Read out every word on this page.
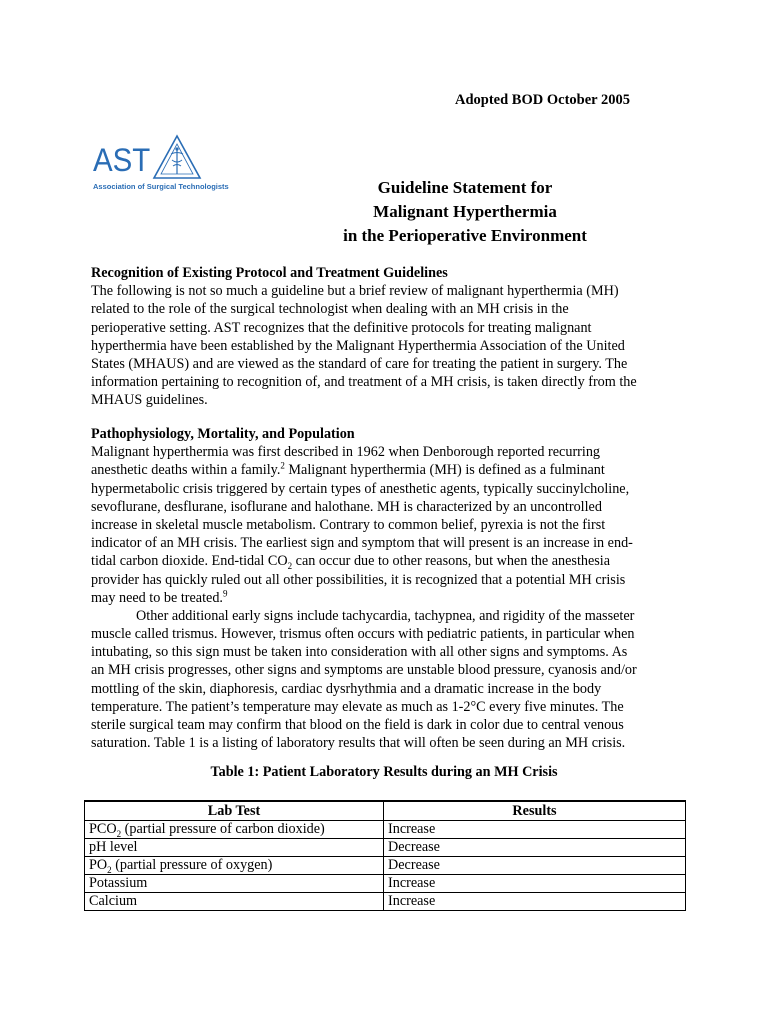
Adopted BOD October 2005
AST
Association of Surgical Technologists	Guideline Statement for
Malignant Hyperthermia
in the Perioperative Environment
Recognition of Existing Protocol and Treatment Guidelines
The following is not so much a guideline but a brief review of malignant hyperthermia (MH)
related to the role of the surgical technologist when dealing with an MH crisis in the
perioperative setting. AST recognizes that the definitive protocols for treating malignant
hyperthermia have been established by the Malignant Hyperthermia Association of the United
States (MHAUS) and are viewed as the standard of care for treating the patient in surgery. The
information pertaining to recognition of, and treatment of a MH crisis, is taken directly from the
MHAUS guidelines.
Pathophysiology, Mortality, and Population
Malignant hyperthermia was first described in 1962 when Denborough reported recurring
anesthetic deaths within a family.$^2$ Malignant hyperthermia (MH) is defined as a fulminant
hypermetabolic crisis triggered by certain types of anesthetic agents, typically succinylcholine,
sevoflurane, desflurane, isoflurane and halothane. MH is characterized by an uncontrolled
increase in skeletal muscle metabolism. Contrary to common belief, pyrexia is not the first
indicator of an MH crisis. The earliest sign and symptom that will present is an increase in end-
tidal carbon dioxide. End-tidal $CO_2$ can occur due to other reasons, but when the anesthesia
provider has quickly ruled out all other possibilities, it is recognized that a potential MH crisis
may need to be treated.$^9$
Other additional early signs include tachycardia, tachypnea, and rigidity of the masseter
muscle called trismus. However, trismus often occurs with pediatric patients, in particular when
intubating, so this sign must be taken into consideration with all other signs and symptoms. As
an MH crisis progresses, other signs and symptoms are unstable blood pressure, cyanosis and/or
mottling of the skin, diaphoresis, cardiac dysrhythmia and a dramatic increase in the body
temperature. The patient’s temperature may elevate as much as 1-2°C every five minutes. The
sterile surgical team may confirm that blood on the field is dark in color due to central venous
saturation. Table 1 is a listing of laboratory results that will often be seen during an MH crisis.
Table 1: Patient Laboratory Results during an MH Crisis
Lab Test	Results
$PCO_2$ (partial pressure of carbon dioxide)	Increase
pH level	Decrease
$PO_2$ (partial pressure of oxygen)	Decrease
Potassium	Increase
Calcium	Increase
